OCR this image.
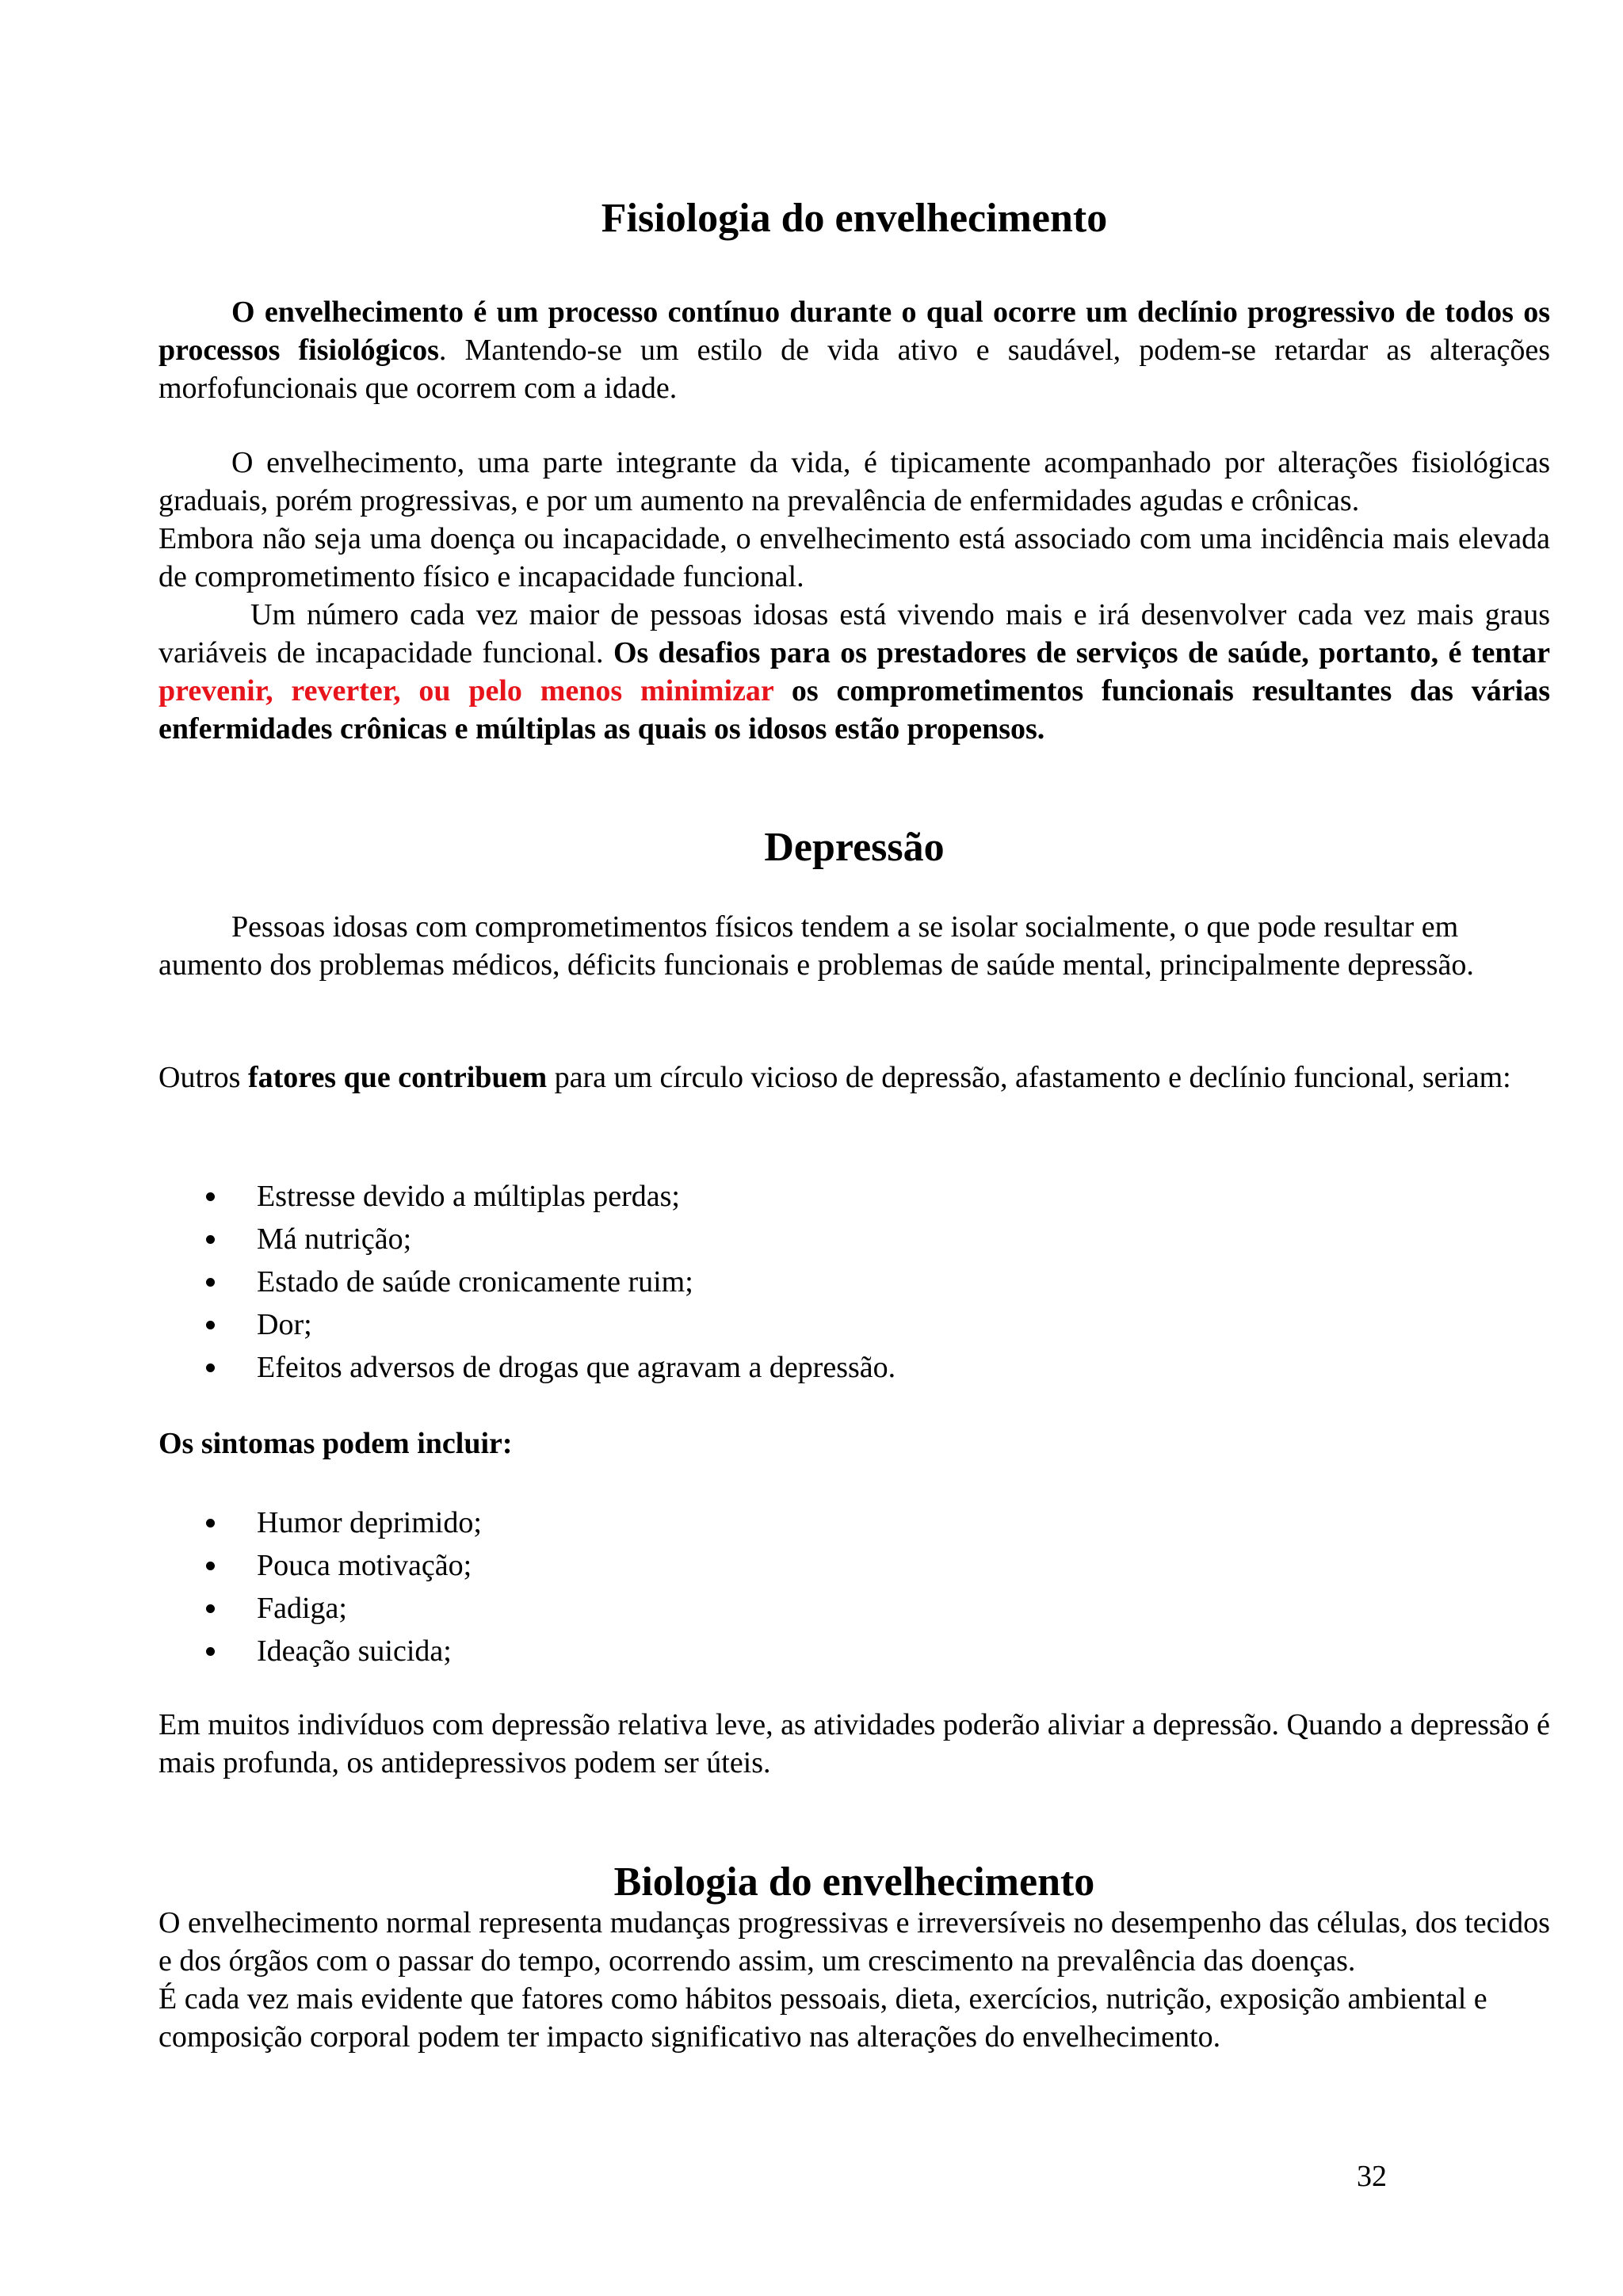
Fisiologia do envelhecimento

O envelhecimento é um processo contínuo durante o qual ocorre um declínio progressivo de todos os processos fisiológicos. Mantendo-se um estilo de vida ativo e saudável, podem-se retardar as alterações morfofuncionais que ocorrem com a idade.

O envelhecimento, uma parte integrante da vida, é tipicamente acompanhado por alterações fisiológicas graduais, porém progressivas, e por um aumento na prevalência de enfermidades agudas e crônicas.

Embora não seja uma doença ou incapacidade, o envelhecimento está associado com uma incidência mais elevada de comprometimento físico e incapacidade funcional.

Um número cada vez maior de pessoas idosas está vivendo mais e irá desenvolver cada vez mais graus variáveis de incapacidade funcional. Os desafios para os prestadores de serviços de saúde, portanto, é tentar prevenir, reverter, ou pelo menos minimizar os comprometimentos funcionais resultantes das várias enfermidades crônicas e múltiplas as quais os idosos estão propensos.

Depressão

Pessoas idosas com comprometimentos físicos tendem a se isolar socialmente, o que pode resultar em aumento dos problemas médicos, déficits funcionais e problemas de saúde mental, principalmente depressão.

Outros fatores que contribuem para um círculo vicioso de depressão, afastamento e declínio funcional, seriam:

Estresse devido a múltiplas perdas;
Má nutrição;
Estado de saúde cronicamente ruim;
Dor;
Efeitos adversos de drogas que agravam a depressão.

Os sintomas podem incluir:

Humor deprimido;
Pouca motivação;
Fadiga;
Ideação suicida;

Em muitos indivíduos com depressão relativa leve, as atividades poderão aliviar a depressão. Quando a depressão é mais profunda, os antidepressivos podem ser úteis.

Biologia do envelhecimento

O envelhecimento normal representa mudanças progressivas e irreversíveis no desempenho das células, dos tecidos e dos órgãos com o passar do tempo, ocorrendo assim, um crescimento na prevalência das doenças.

É cada vez mais evidente que fatores como hábitos pessoais, dieta, exercícios, nutrição, exposição ambiental e composição corporal podem ter impacto significativo nas alterações do envelhecimento.

32
